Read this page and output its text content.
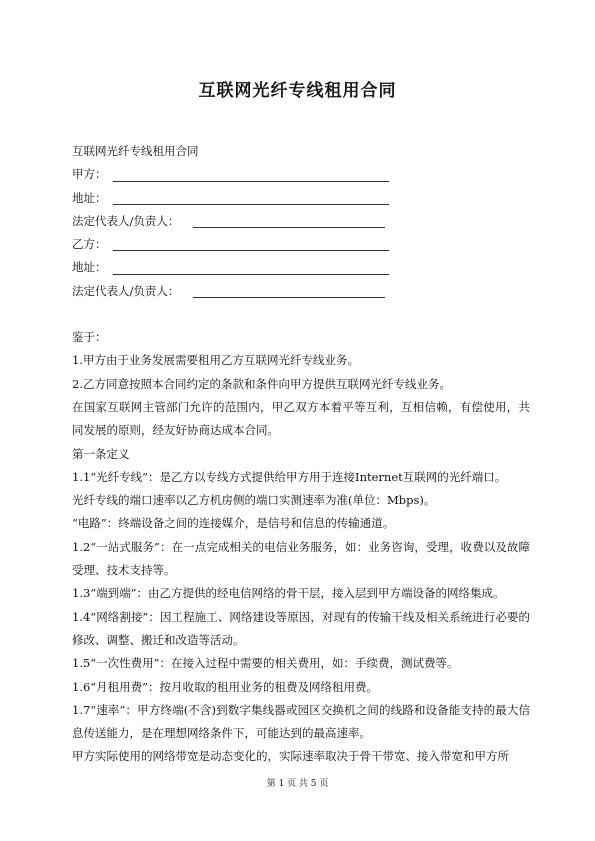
互联网光纤专线租用合同
互联网光纤专线租用合同
甲方：
地址：
法定代表人/负责人：
乙方：
地址：
法定代表人/负责人：
鉴于：
1.甲方由于业务发展需要租用乙方互联网光纤专线业务。
2.乙方同意按照本合同约定的条款和条件向甲方提供互联网光纤专线业务。
在国家互联网主管部门允许的范围内，甲乙双方本着平等互利，互相信赖，有偿使用，共同发展的原则，经友好协商达成本合同。
第一条定义
1.1“光纤专线”：是乙方以专线方式提供给甲方用于连接Internet互联网的光纤端口。
光纤专线的端口速率以乙方机房侧的端口实测速率为准(单位：Mbps)。
“电路”：终端设备之间的连接媒介，是信号和信息的传输通道。
1.2“一站式服务”：在一点完成相关的电信业务服务，如：业务咨询，受理，收费以及故障受理、技术支持等。
1.3“端到端”：由乙方提供的经电信网络的骨干层，接入层到甲方端设备的网络集成。
1.4“网络割接”：因工程施工、网络建设等原因，对现有的传输干线及相关系统进行必要的修改、调整、搬迁和改造等活动。
1.5“一次性费用”：在接入过程中需要的相关费用，如：手续费，测试费等。
1.6“月租用费”：按月收取的租用业务的租费及网络租用费。
1.7“速率”：甲方终端(不含)到数字集线器或园区交换机之间的线路和设备能支持的最大信息传送能力，是在理想网络条件下，可能达到的最高速率。
甲方实际使用的网络带宽是动态变化的，实际速率取决于骨干带宽、接入带宽和甲方所
第 1 页 共 5 页
